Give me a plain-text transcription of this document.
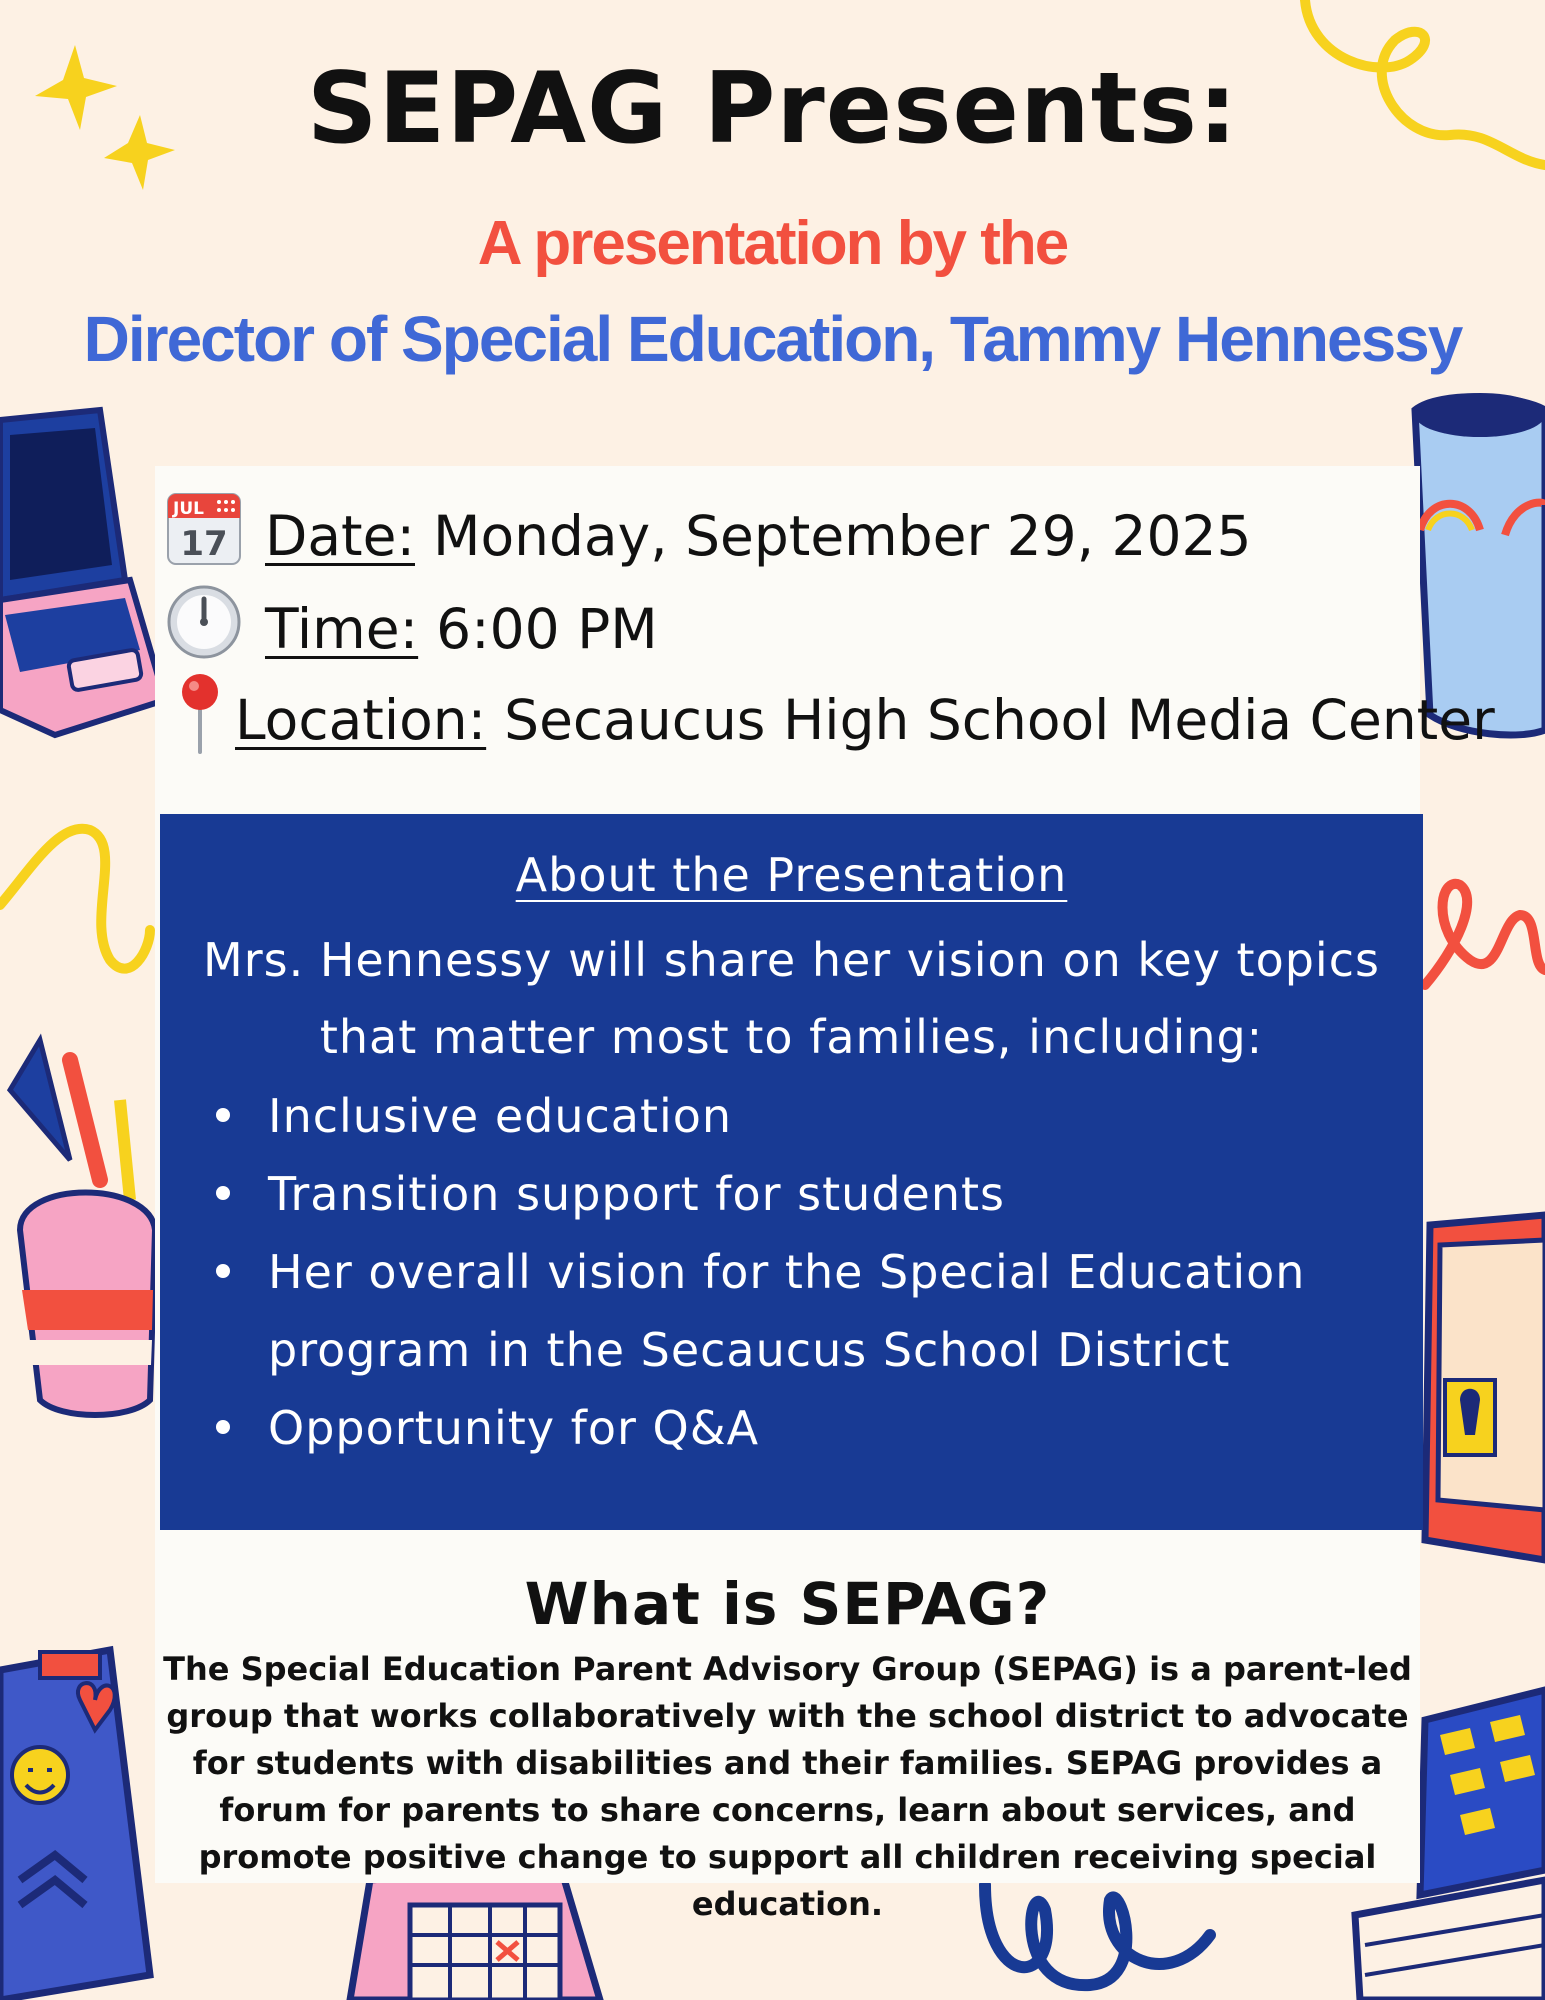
SEPAG Presents:
A presentation by the
Director of Special Education, Tammy Hennessy
JUL
17 Date: Monday, September 29, 2025
Time: 6:00 PM
Location: Secaucus High School Media Center
About the Presentation
Mrs. Hennessy will share her vision on key topics that matter most to families, including:
Inclusive education
Transition support for students
Her overall vision for the Special Education program in the Secaucus School District
Opportunity for Q&A
What is SEPAG?
The Special Education Parent Advisory Group (SEPAG) is a parent-led group that works collaboratively with the school district to advocate for students with disabilities and their families. SEPAG provides a forum for parents to share concerns, learn about services, and promote positive change to support all children receiving special education.
